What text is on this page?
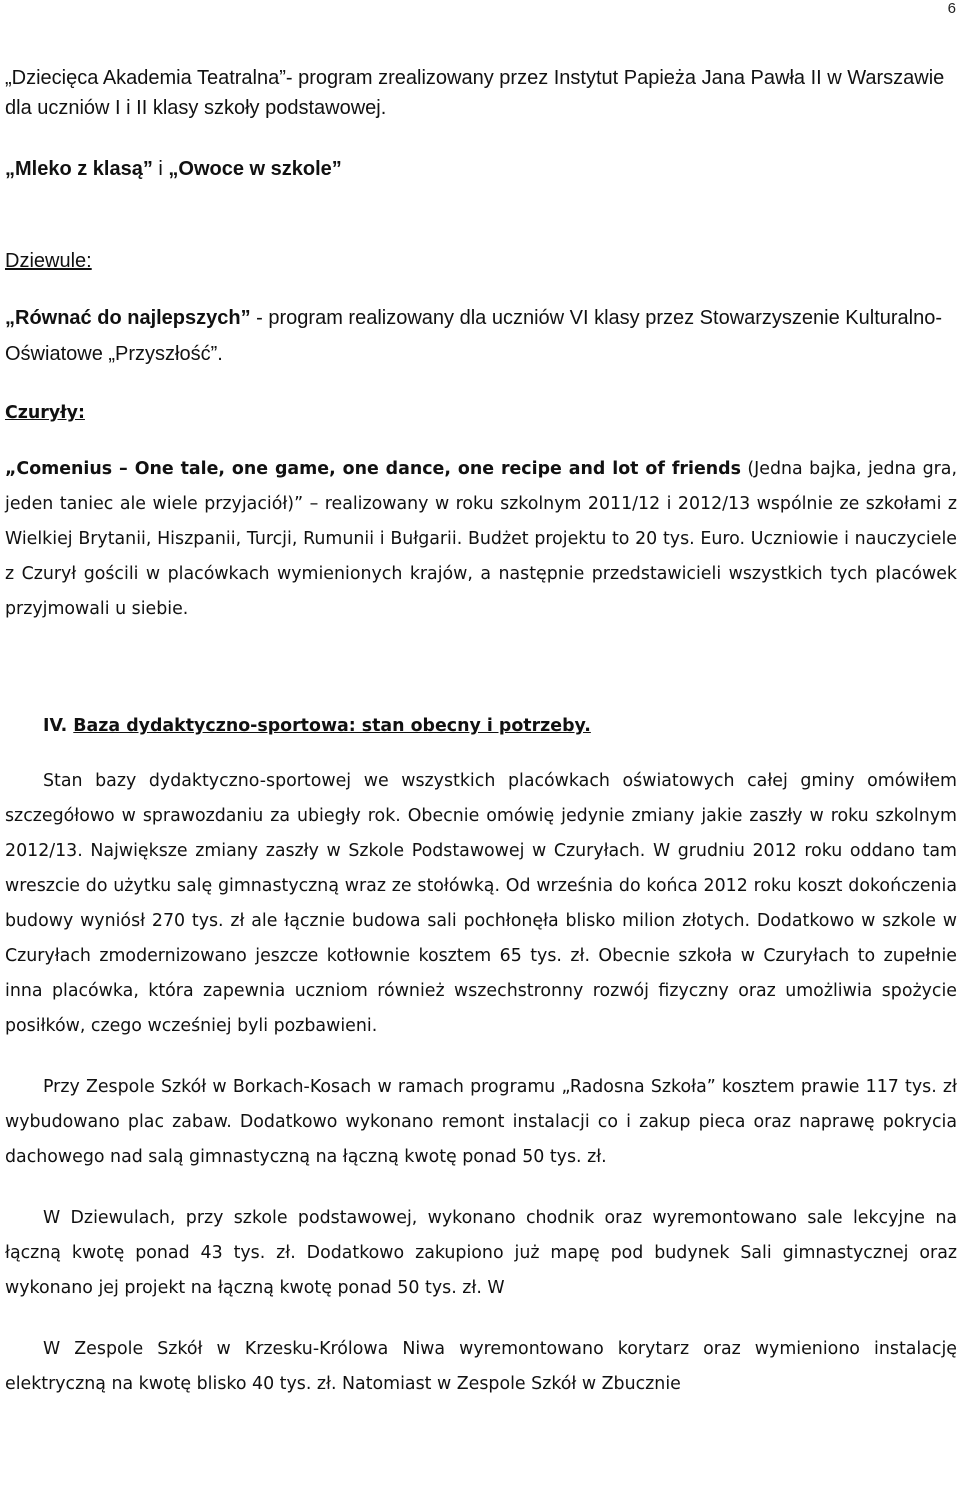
6

„Dziecięca Akademia Teatralna”- program zrealizowany przez Instytut Papieża Jana Pawła II w Warszawie dla uczniów I i II klasy szkoły podstawowej.

„Mleko z klasą” i „Owoce w szkole”

Dziewule:

„Równać do najlepszych” - program realizowany dla uczniów VI klasy przez Stowarzyszenie Kulturalno-Oświatowe „Przyszłość”.

Czuryły:

„Comenius – One tale, one game, one dance, one recipe and lot of friends (Jedna bajka, jedna gra, jeden taniec ale wiele przyjaciół)” – realizowany w roku szkolnym 2011/12 i 2012/13 wspólnie ze szkołami z Wielkiej Brytanii, Hiszpanii, Turcji, Rumunii i Bułgarii. Budżet projektu to 20 tys. Euro. Uczniowie i nauczyciele z Czurył gościli w placówkach wymienionych krajów, a następnie przedstawicieli wszystkich tych placówek przyjmowali u siebie.

IV. Baza dydaktyczno-sportowa: stan obecny i potrzeby.

Stan bazy dydaktyczno-sportowej we wszystkich placówkach oświatowych całej gminy omówiłem szczegółowo w sprawozdaniu za ubiegły rok. Obecnie omówię jedynie zmiany jakie zaszły w roku szkolnym 2012/13. Największe zmiany zaszły w Szkole Podstawowej w Czuryłach. W grudniu 2012 roku oddano tam wreszcie do użytku salę gimnastyczną wraz ze stołówką. Od września do końca 2012 roku koszt dokończenia budowy wyniósł 270 tys. zł ale łącznie budowa sali pochłonęła blisko milion złotych. Dodatkowo w szkole w Czuryłach zmodernizowano jeszcze kotłownie kosztem 65 tys. zł. Obecnie szkoła w Czuryłach to zupełnie inna placówka, która zapewnia uczniom również wszechstronny rozwój fizyczny oraz umożliwia spożycie posiłków, czego wcześniej byli pozbawieni.

Przy Zespole Szkół w Borkach-Kosach w ramach programu „Radosna Szkoła” kosztem prawie 117 tys. zł wybudowano plac zabaw. Dodatkowo wykonano remont instalacji co i zakup pieca oraz naprawę pokrycia dachowego nad salą gimnastyczną na łączną kwotę ponad 50 tys. zł.

W Dziewulach, przy szkole podstawowej, wykonano chodnik oraz wyremontowano sale lekcyjne na łączną kwotę ponad 43 tys. zł. Dodatkowo zakupiono już mapę pod budynek Sali gimnastycznej oraz wykonano jej projekt na łączną kwotę ponad 50 tys. zł. W

W Zespole Szkół w Krzesku-Królowa Niwa wyremontowano korytarz oraz wymieniono instalację elektryczną na kwotę blisko 40 tys. zł. Natomiast w Zespole Szkół w Zbucznie
